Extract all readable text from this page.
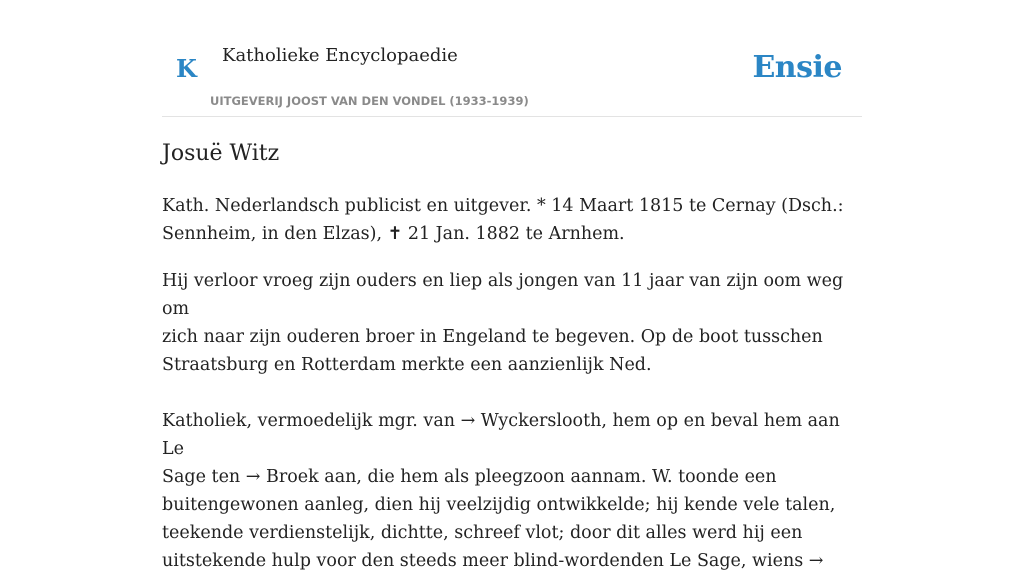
K Katholieke Encyclopaedie
UITGEVERIJ JOOST VAN DEN VONDEL (1933-1939)
Ensie
Josuë Witz

Kath. Nederlandsch publicist en uitgever. * 14 Maart 1815 te Cernay (Dsch.:
Sennheim, in den Elzas), ✝ 21 Jan. 1882 te Arnhem.

Hij verloor vroeg zijn ouders en liep als jongen van 11 jaar van zijn oom weg om
zich naar zijn ouderen broer in Engeland te begeven. Op de boot tusschen
Straatsburg en Rotterdam merkte een aanzienlijk Ned.

Katholiek, vermoedelijk mgr. van → Wyckerslooth, hem op en beval hem aan Le
Sage ten → Broek aan, die hem als pleegzoon aannam. W. toonde een
buitengewonen aanleg, dien hij veelzijdig ontwikkelde; hij kende vele talen,
teekende verdienstelijk, dichtte, schreef vlot; door dit alles werd hij een
uitstekende hulp voor den steeds meer blind-wordenden Le Sage, wiens →
